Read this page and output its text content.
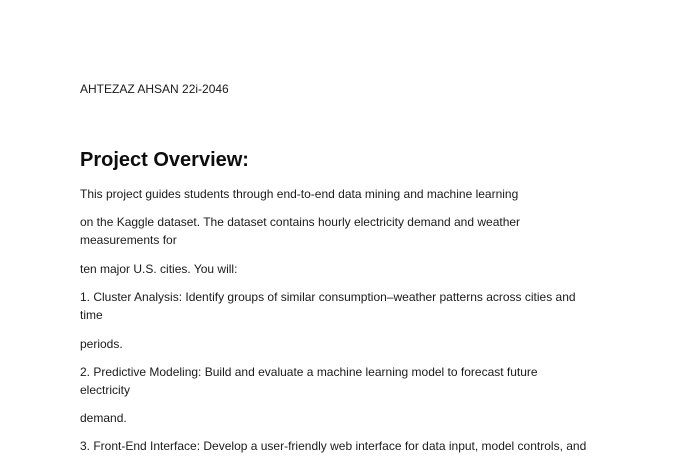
AHTEZAZ AHSAN 22i-2046
Project Overview:
This project guides students through end-to-end data mining and machine learning
on the Kaggle dataset. The dataset contains hourly electricity demand and weather
measurements for
ten major U.S. cities. You will:
1. Cluster Analysis: Identify groups of similar consumption–weather patterns across cities and
time
periods.
2. Predictive Modeling: Build and evaluate a machine learning model to forecast future
electricity
demand.
3. Front-End Interface: Develop a user-friendly web interface for data input, model controls, and
